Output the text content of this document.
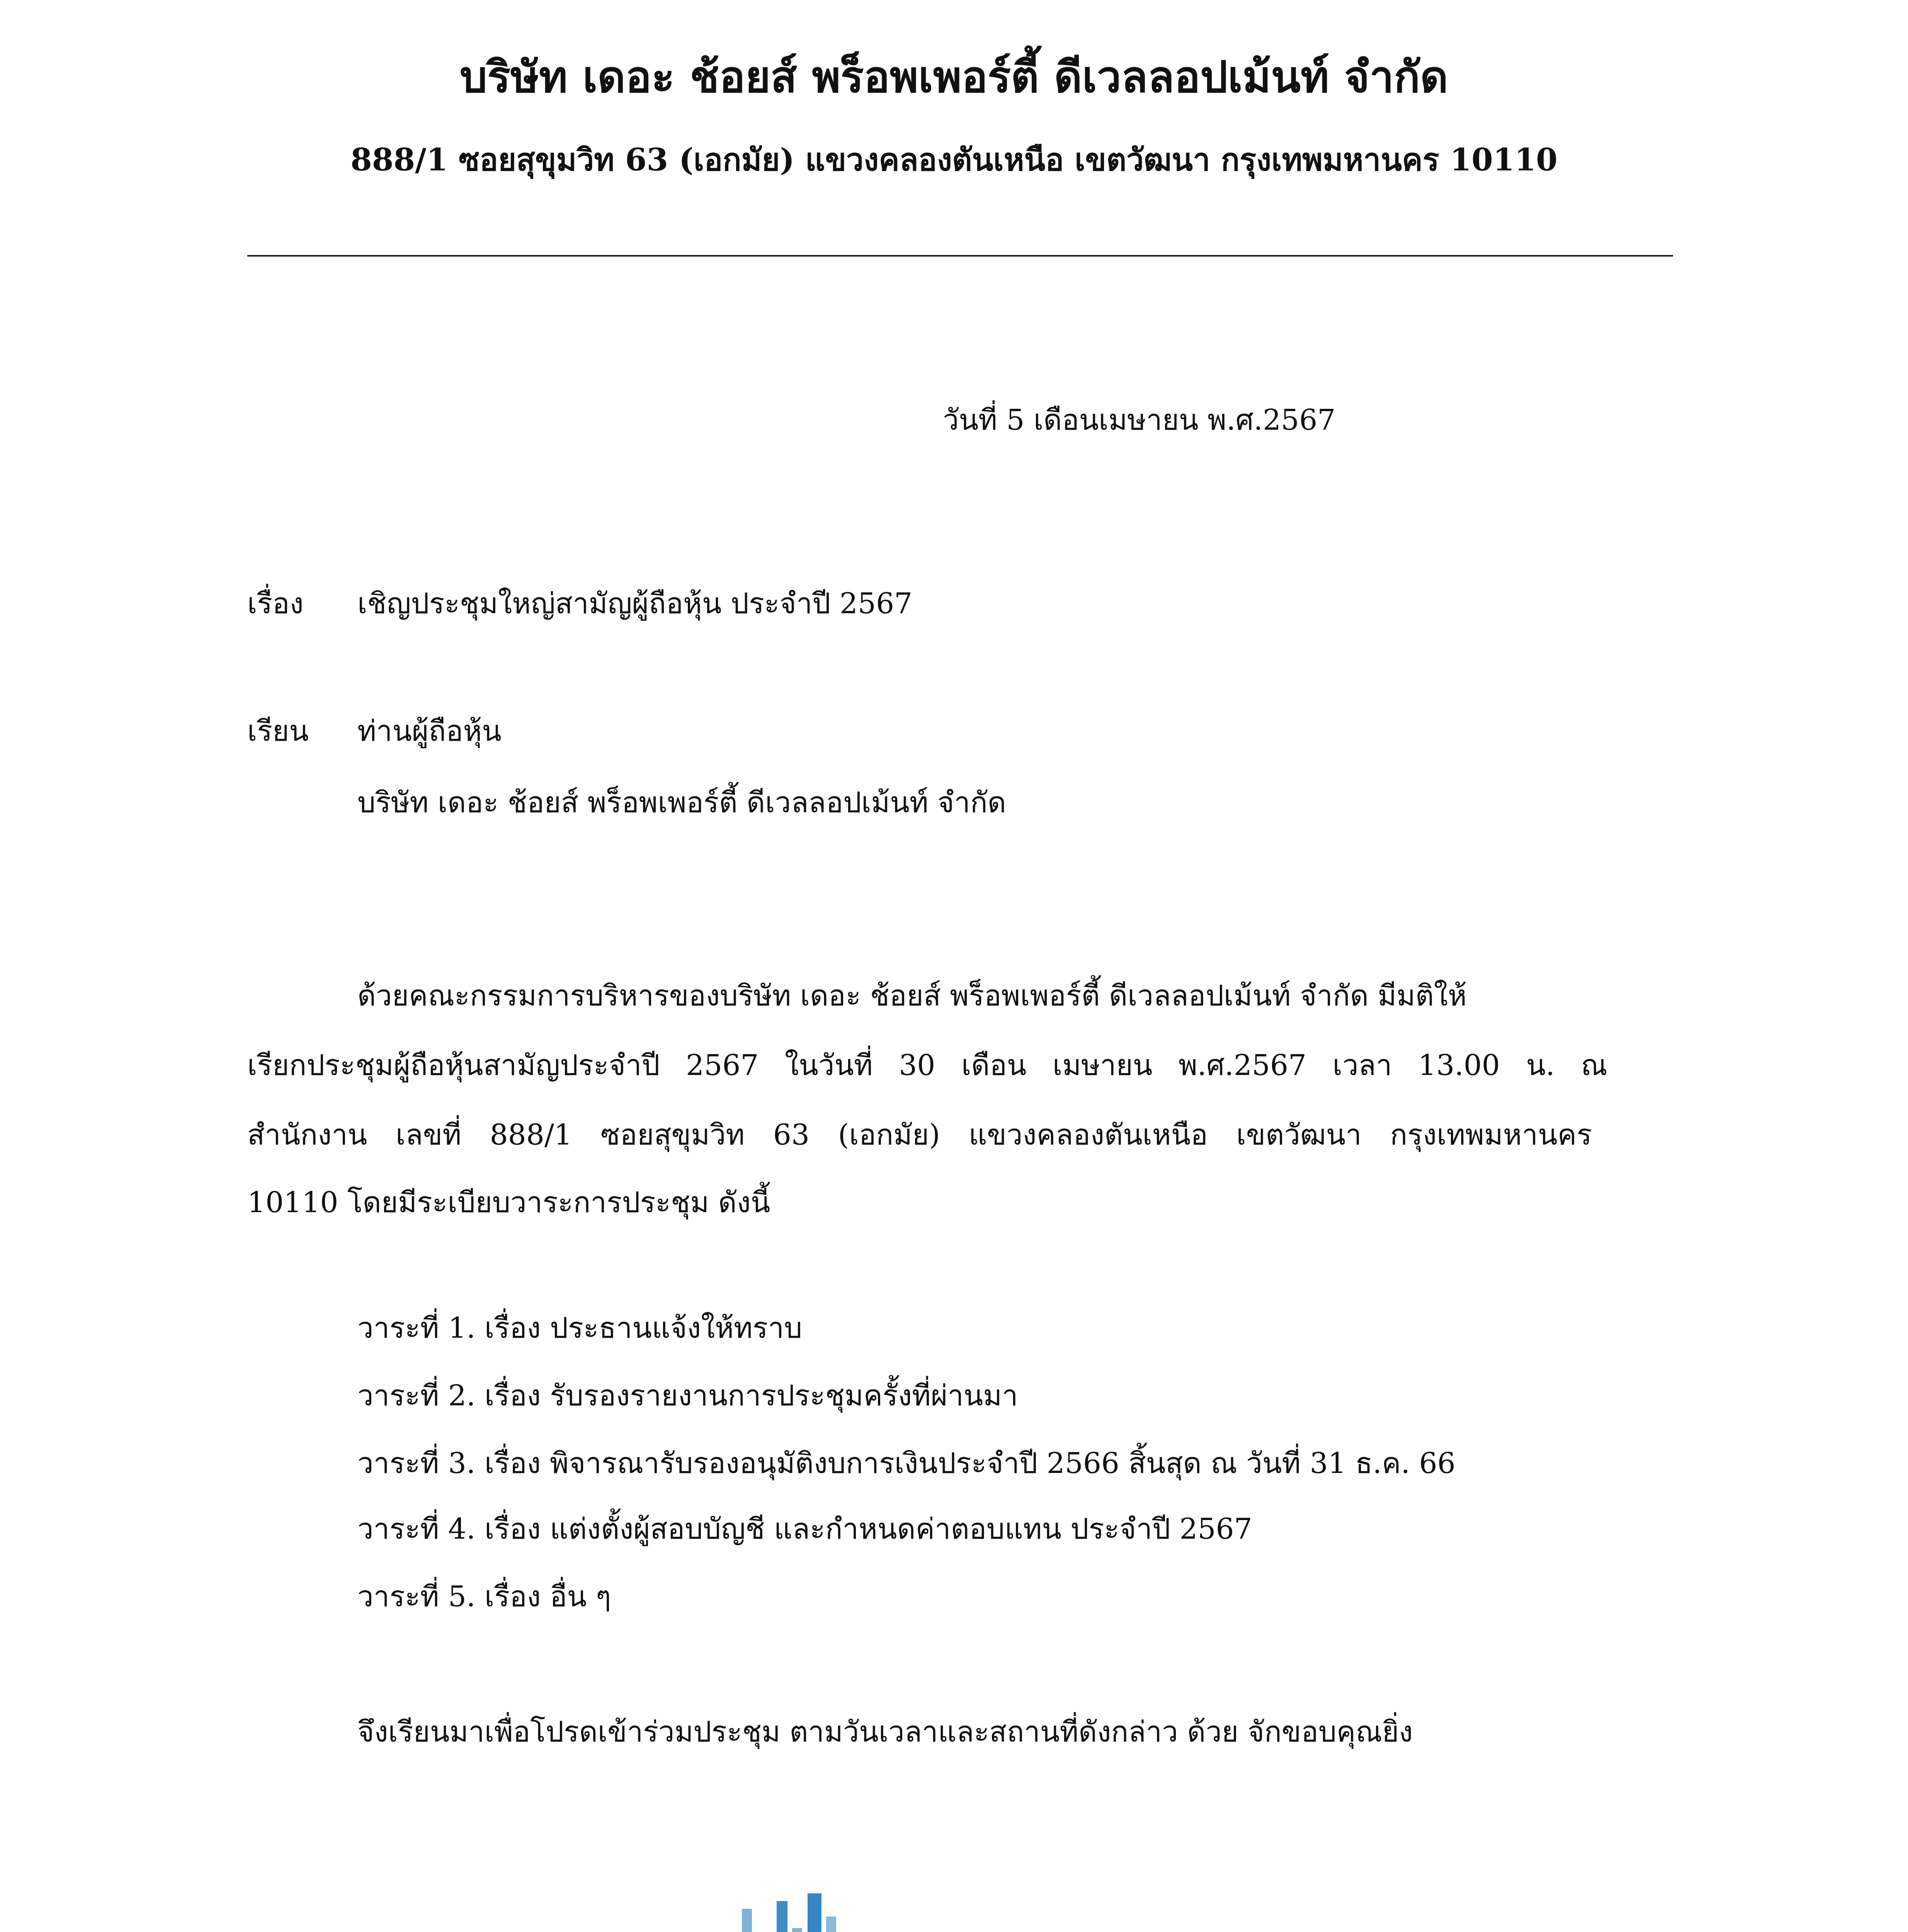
บริษัท เดอะ ช้อยส์ พร็อพเพอร์ตี้ ดีเวลลอปเม้นท์ จำกัด
888/1 ซอยสุขุมวิท 63 (เอกมัย) แขวงคลองตันเหนือ เขตวัฒนา กรุงเทพมหานคร 10110
วันที่ 5 เดือนเมษายน พ.ศ.2567
เรื่อง เชิญประชุมใหญ่สามัญผู้ถือหุ้น ประจำปี 2567
เรียน ท่านผู้ถือหุ้น
บริษัท เดอะ ช้อยส์ พร็อพเพอร์ตี้ ดีเวลลอปเม้นท์ จำกัด
ด้วยคณะกรรมการบริหารของบริษัท เดอะ ช้อยส์ พร็อพเพอร์ตี้ ดีเวลลอปเม้นท์ จำกัด มีมติให้
เรียกประชุมผู้ถือหุ้นสามัญประจำปี 2567 ในวันที่ 30 เดือน เมษายน พ.ศ.2567 เวลา 13.00 น. ณ
สำนักงาน เลขที่ 888/1 ซอยสุขุมวิท 63 (เอกมัย) แขวงคลองตันเหนือ เขตวัฒนา กรุงเทพมหานคร
10110 โดยมีระเบียบวาระการประชุม ดังนี้
วาระที่ 1. เรื่อง ประธานแจ้งให้ทราบ
วาระที่ 2. เรื่อง รับรองรายงานการประชุมครั้งที่ผ่านมา
วาระที่ 3. เรื่อง พิจารณารับรองอนุมัติงบการเงินประจำปี 2566 สิ้นสุด ณ วันที่ 31 ธ.ค. 66
วาระที่ 4. เรื่อง แต่งตั้งผู้สอบบัญชี และกำหนดค่าตอบแทน ประจำปี 2567
วาระที่ 5. เรื่อง อื่น ๆ
จึงเรียนมาเพื่อโปรดเข้าร่วมประชุม ตามวันเวลาและสถานที่ดังกล่าว ด้วย จักขอบคุณยิ่ง
